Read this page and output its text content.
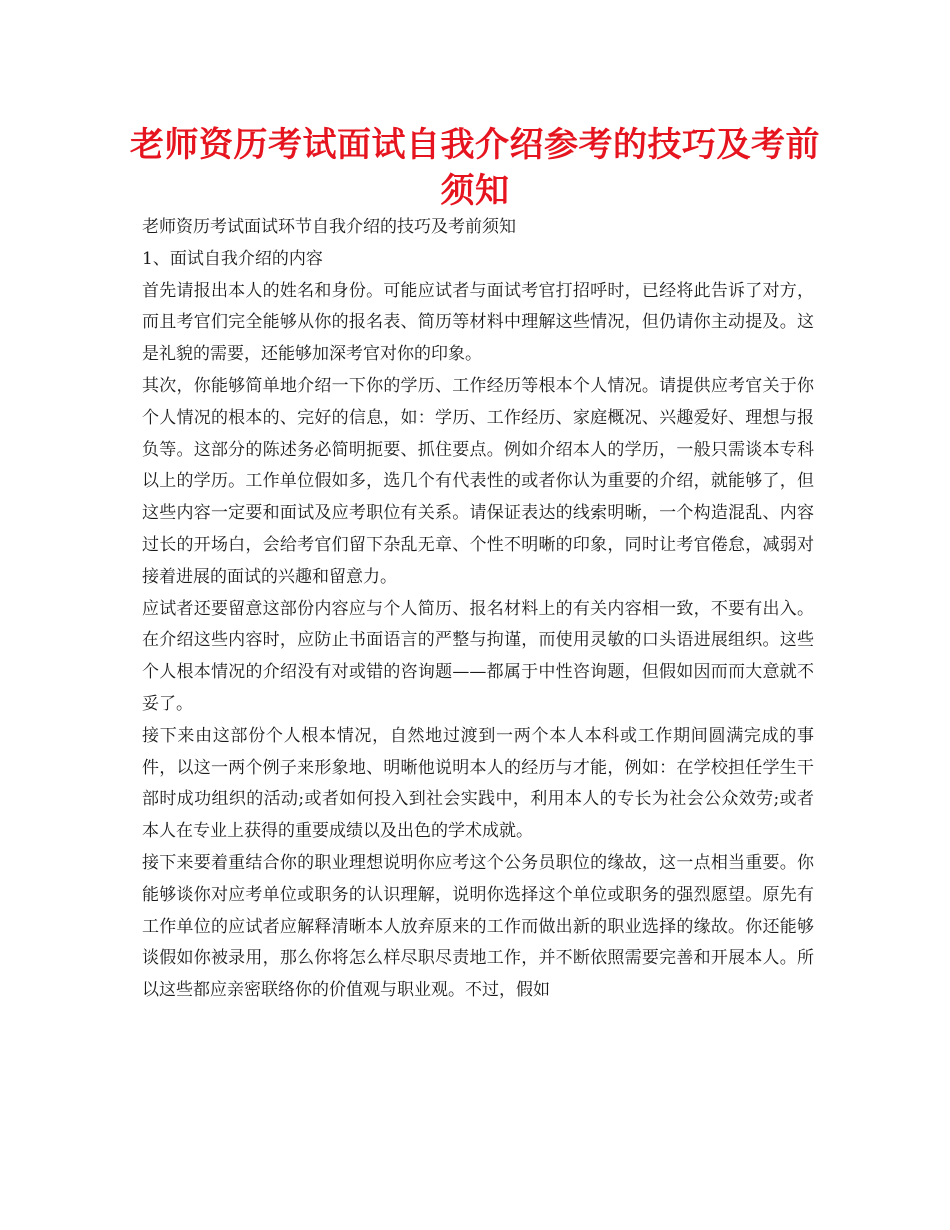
老师资历考试面试自我介绍参考的技巧及考前须知

老师资历考试面试环节自我介绍的技巧及考前须知

1、面试自我介绍的内容

首先请报出本人的姓名和身份。可能应试者与面试考官打招呼时，已经将此告诉了对方，而且考官们完全能够从你的报名表、简历等材料中理解这些情况，但仍请你主动提及。这是礼貌的需要，还能够加深考官对你的印象。

其次，你能够简单地介绍一下你的学历、工作经历等根本个人情况。请提供应考官关于你个人情况的根本的、完好的信息，如：学历、工作经历、家庭概况、兴趣爱好、理想与报负等。这部分的陈述务必简明扼要、抓住要点。例如介绍本人的学历，一般只需谈本专科以上的学历。工作单位假如多，选几个有代表性的或者你认为重要的介绍，就能够了，但这些内容一定要和面试及应考职位有关系。请保证表达的线索明晰，一个构造混乱、内容过长的开场白，会给考官们留下杂乱无章、个性不明晰的印象，同时让考官倦怠，减弱对接着进展的面试的兴趣和留意力。

应试者还要留意这部份内容应与个人简历、报名材料上的有关内容相一致，不要有出入。在介绍这些内容时，应防止书面语言的严整与拘谨，而使用灵敏的口头语进展组织。这些个人根本情况的介绍没有对或错的咨询题——都属于中性咨询题，但假如因而而大意就不妥了。

接下来由这部份个人根本情况，自然地过渡到一两个本人本科或工作期间圆满完成的事件，以这一两个例子来形象地、明晰他说明本人的经历与才能，例如：在学校担任学生干部时成功组织的活动;或者如何投入到社会实践中，利用本人的专长为社会公众效劳;或者本人在专业上获得的重要成绩以及出色的学术成就。

接下来要着重结合你的职业理想说明你应考这个公务员职位的缘故，这一点相当重要。你能够谈你对应考单位或职务的认识理解，说明你选择这个单位或职务的强烈愿望。原先有工作单位的应试者应解释清晰本人放弃原来的工作而做出新的职业选择的缘故。你还能够谈假如你被录用，那么你将怎么样尽职尽责地工作，并不断依照需要完善和开展本人。所以这些都应亲密联络你的价值观与职业观。不过，假如
